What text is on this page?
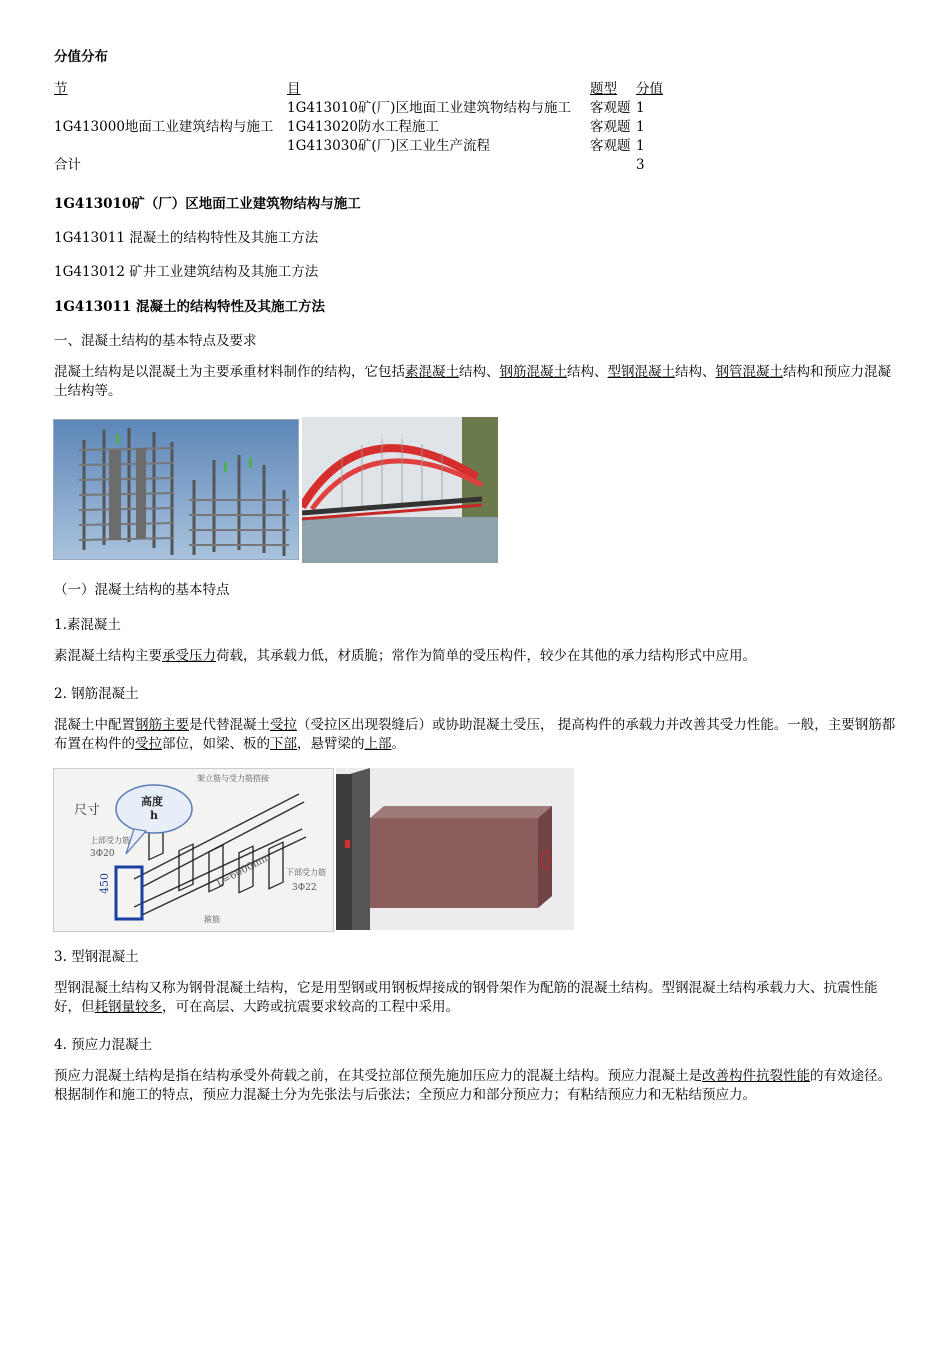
分值分布
节	目	题型	分值
	1G413010矿(厂)区地面工业建筑物结构与施工	客观题	1
1G413000地面工业建筑结构与施工	1G413020防水工程施工	客观题	1
	1G413030矿(厂)区工业生产流程	客观题	1
合计			3
1G413010矿（厂）区地面工业建筑物结构与施工
1G413011 混凝土的结构特性及其施工方法
1G413012 矿井工业建筑结构及其施工方法
1G413011 混凝土的结构特性及其施工方法
一、混凝土结构的基本特点及要求
混凝土结构是以混凝土为主要承重材料制作的结构，它包括素混凝土结构、钢筋混凝土结构、型钢混凝土结构、钢管混凝土结构和预应力混凝土结构等。
（一）混凝土结构的基本特点
1.素混凝土
素混凝土结构主要承受压力荷载，其承载力低，材质脆；常作为简单的受压构件，较少在其他的承力结构形式中应用。
2. 钢筋混凝土
混凝土中配置钢筋主要是代替混凝土受拉（受拉区出现裂缝后）或协助混凝土受压， 提高构件的承载力并改善其受力性能。一般，主要钢筋都布置在构件的受拉部位，如梁、板的下部，悬臂梁的上部。
尺寸
高度
h
上部受力筋
3Φ20
450
架立筋与受力筋搭接
L=6000mm 下部受力筋
3Φ22
箍筋
3. 型钢混凝土
型钢混凝土结构又称为钢骨混凝土结构，它是用型钢或用钢板焊接成的钢骨架作为配筋的混凝土结构。型钢混凝土结构承载力大、抗震性能好，但耗钢量较多，可在高层、大跨或抗震要求较高的工程中采用。
4. 预应力混凝土
预应力混凝土结构是指在结构承受外荷载之前，在其受拉部位预先施加压应力的混凝土结构。预应力混凝土是改善构件抗裂性能的有效途径。根据制作和施工的特点，预应力混凝土分为先张法与后张法；全预应力和部分预应力；有粘结预应力和无粘结预应力。
